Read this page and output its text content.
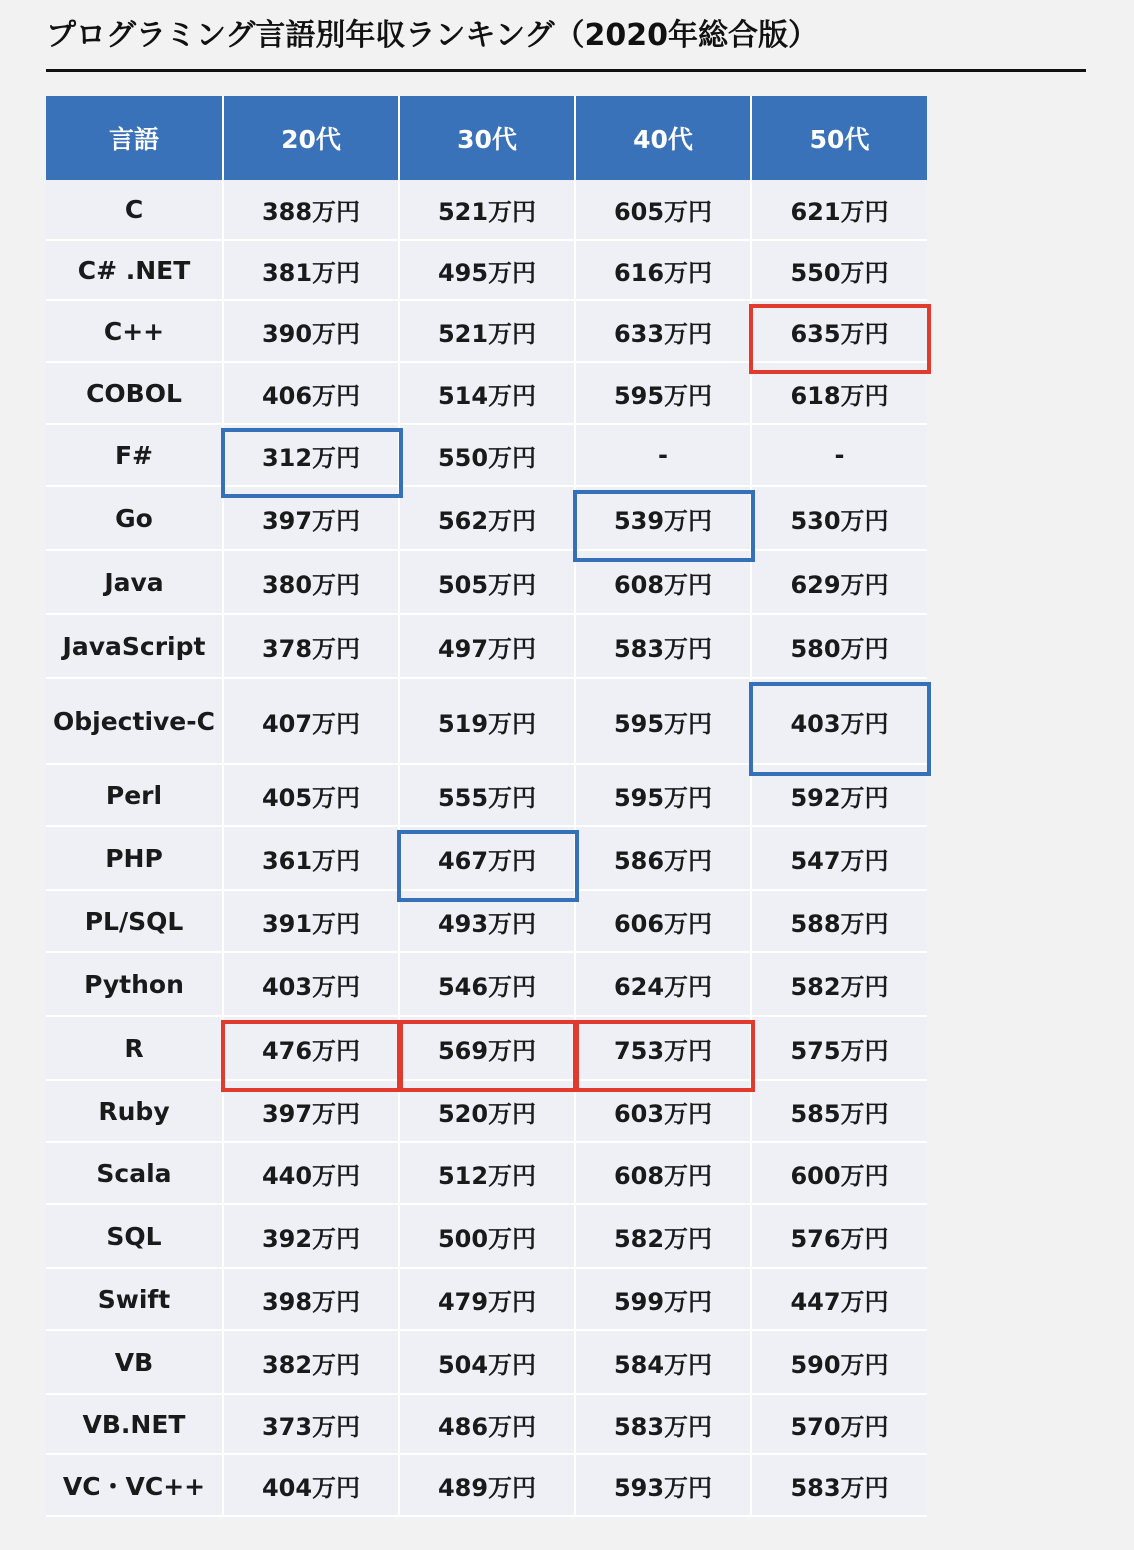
プログラミング言語別年収ランキング（2020年総合版）
言語	20代	30代	40代	50代
C	388万円	521万円	605万円	621万円
C# .NET	381万円	495万円	616万円	550万円
C++	390万円	521万円	633万円	635万円
COBOL	406万円	514万円	595万円	618万円
F#	312万円	550万円	-	-
Go	397万円	562万円	539万円	530万円
Java	380万円	505万円	608万円	629万円
JavaScript	378万円	497万円	583万円	580万円
Objective-C	407万円	519万円	595万円	403万円
Perl	405万円	555万円	595万円	592万円
PHP	361万円	467万円	586万円	547万円
PL/SQL	391万円	493万円	606万円	588万円
Python	403万円	546万円	624万円	582万円
R	476万円	569万円	753万円	575万円
Ruby	397万円	520万円	603万円	585万円
Scala	440万円	512万円	608万円	600万円
SQL	392万円	500万円	582万円	576万円
Swift	398万円	479万円	599万円	447万円
VB	382万円	504万円	584万円	590万円
VB.NET	373万円	486万円	583万円	570万円
VC・VC++	404万円	489万円	593万円	583万円
